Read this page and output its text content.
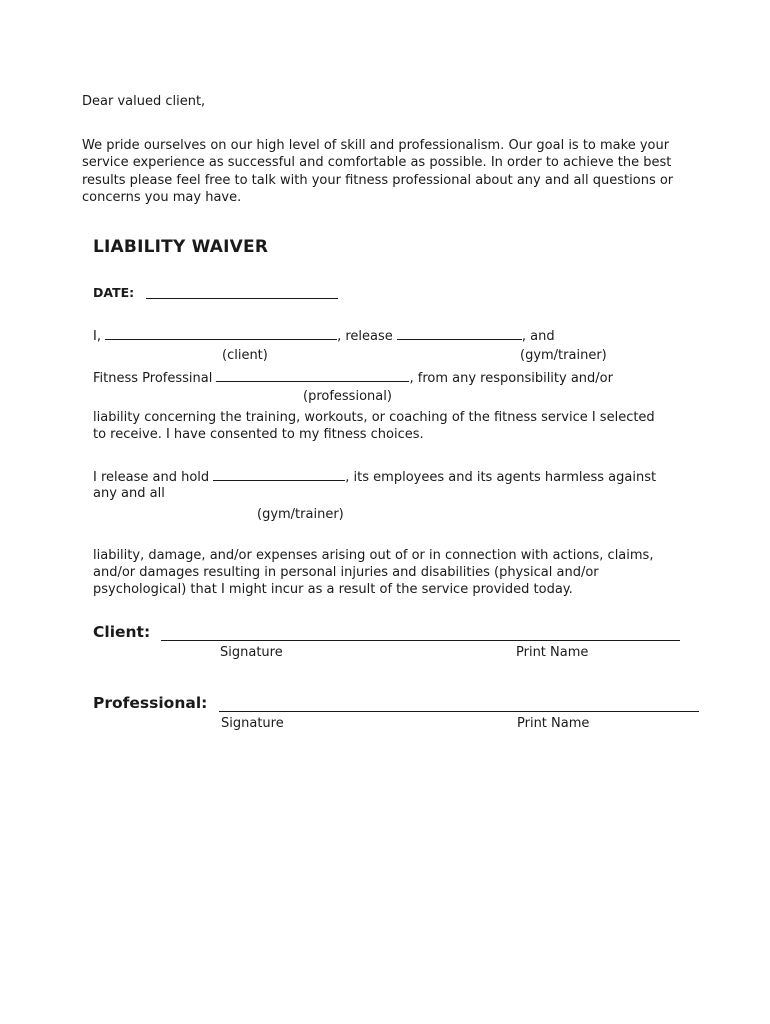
Dear valued client,
We pride ourselves on our high level of skill and professionalism. Our goal is to make your
service experience as successful and comfortable as possible. In order to achieve the best
results please feel free to talk with your fitness professional about any and all questions or
concerns you may have.
LIABILITY WAIVER
DATE:
I,	, release	, and
(client)	(gym/trainer)
Fitness Professinal	, from any responsibility and/or
(professional)
liability concerning the training, workouts, or coaching of the fitness service I selected
to receive. I have consented to my fitness choices.
I release and hold	, its employees and its agents harmless against
any and all
(gym/trainer)
liability, damage, and/or expenses arising out of or in connection with actions, claims,
and/or damages resulting in personal injuries and disabilities (physical and/or
psychological) that I might incur as a result of the service provided today.
Client:
Signature	Print Name
Professional:
Signature	Print Name
